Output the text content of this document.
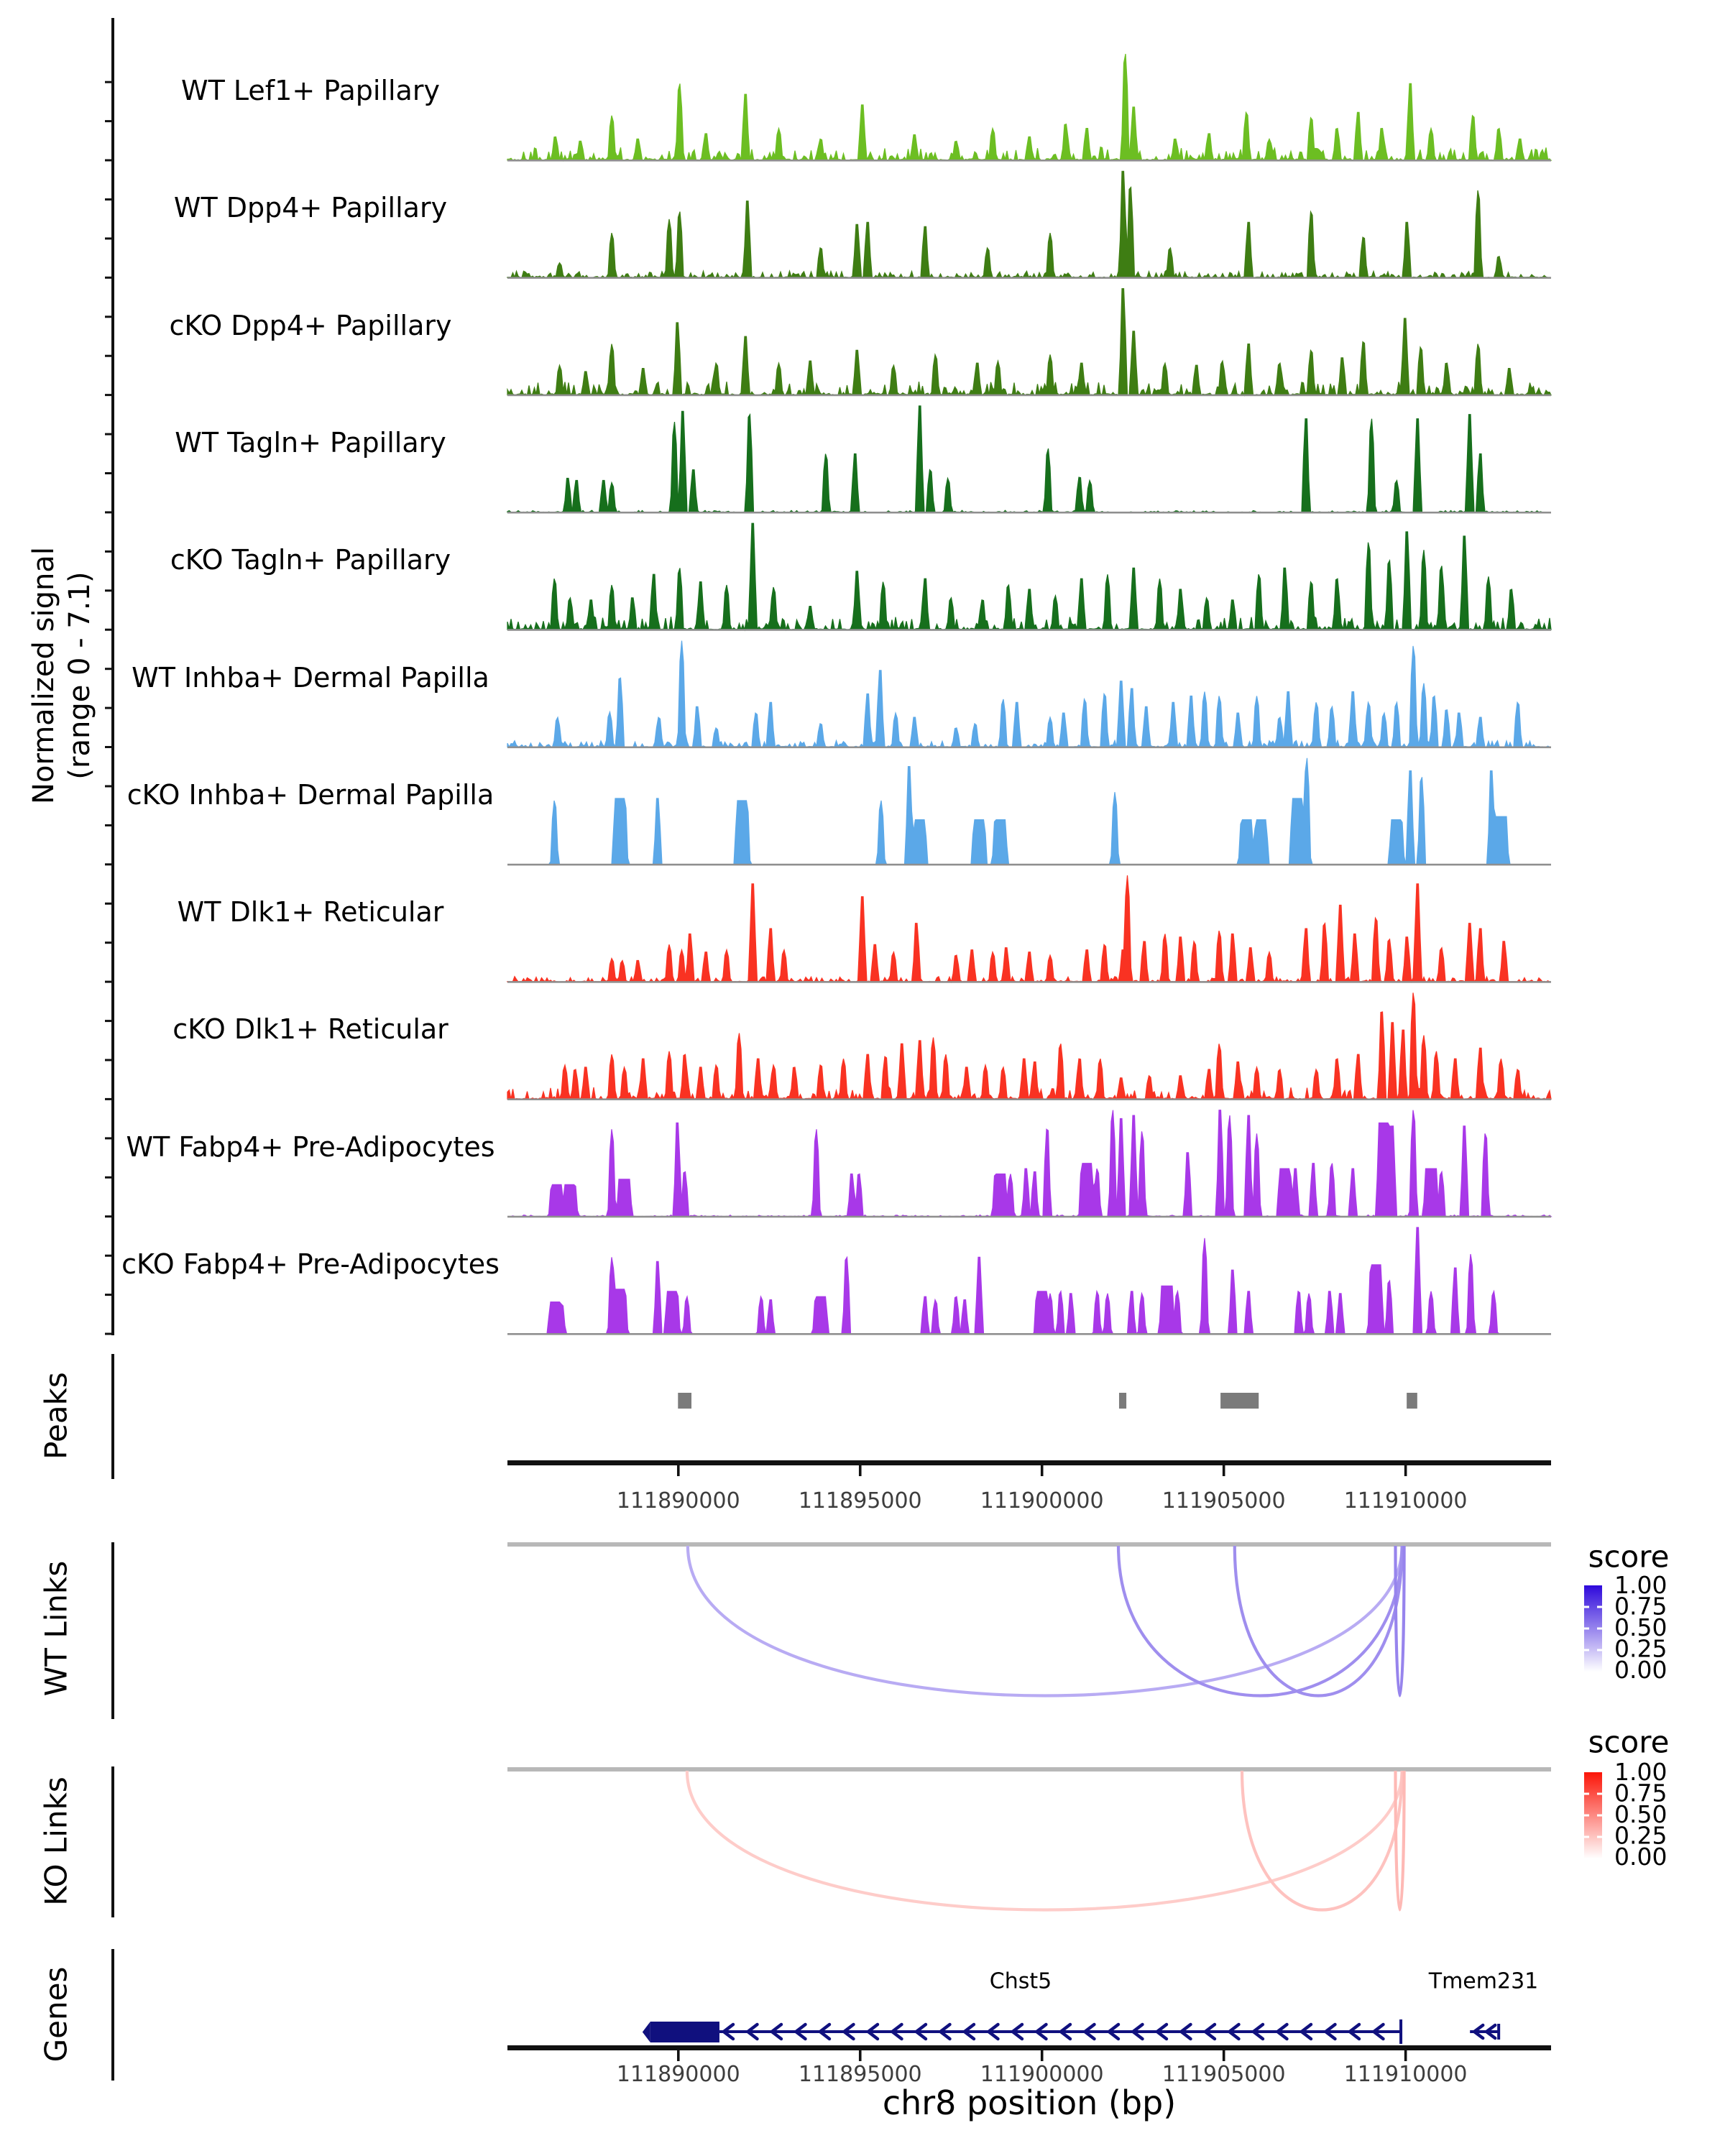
111890000	111895000	111900000	111905000	111910000
111890000	111895000	111900000	111905000	111910000
1.00
0.75
0.50
0.25
0.00
1.00
0.75
0.50
0.25
0.00
Normalized signal (range 0 - 7.1)
Peaks
WT Links
KO Links
Genes
score
score
Chst5	Tmem231
chr8 position (bp)
WT Lef1+ Papillary
WT Dpp4+ Papillary
cKO Dpp4+ Papillary
WT Tagln+ Papillary
cKO Tagln+ Papillary
WT Inhba+ Dermal Papilla
cKO Inhba+ Dermal Papilla
WT Dlk1+ Reticular
cKO Dlk1+ Reticular
WT Fabp4+ Pre-Adipocytes
cKO Fabp4+ Pre-Adipocytes
